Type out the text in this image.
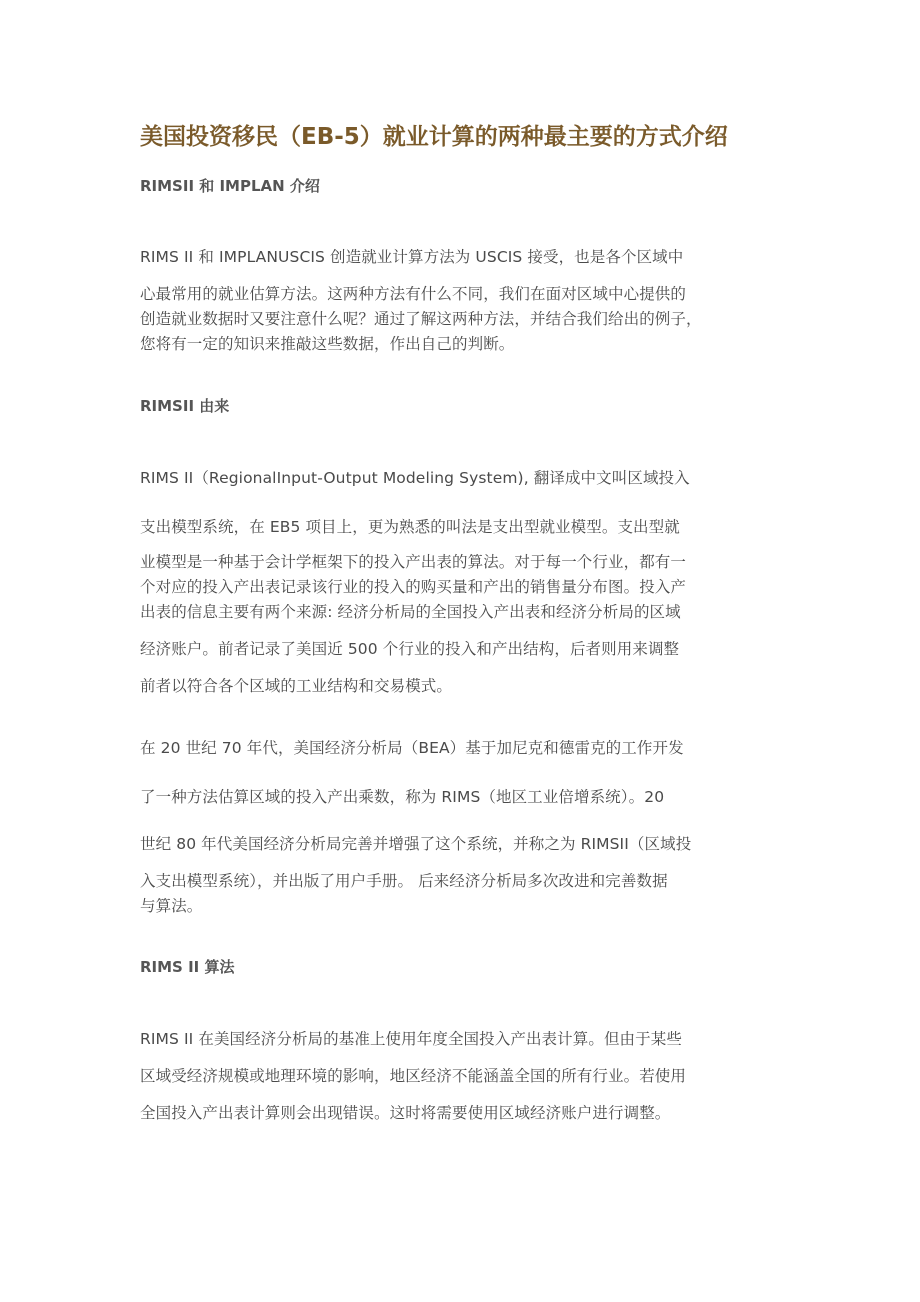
美国投资移民（EB-5）就业计算的两种最主要的方式介绍
RIMSII 和 IMPLAN 介绍
RIMS II 和 IMPLANUSCIS 创造就业计算方法为 USCIS 接受，也是各个区域中
心最常用的就业估算方法。这两种方法有什么不同，我们在面对区域中心提供的
创造就业数据时又要注意什么呢？通过了解这两种方法，并结合我们给出的例子，
您将有一定的知识来推敲这些数据，作出自己的判断。
RIMSII 由来
RIMS II（RegionalInput-Output Modeling System), 翻译成中文叫区域投入
支出模型系统，在 EB5 项目上，更为熟悉的叫法是支出型就业模型。支出型就
业模型是一种基于会计学框架下的投入产出表的算法。对于每一个行业，都有一
个对应的投入产出表记录该行业的投入的购买量和产出的销售量分布图。投入产
出表的信息主要有两个来源: 经济分析局的全国投入产出表和经济分析局的区域
经济账户。前者记录了美国近 500 个行业的投入和产出结构，后者则用来调整
前者以符合各个区域的工业结构和交易模式。
在 20 世纪 70 年代，美国经济分析局（BEA）基于加尼克和德雷克的工作开发
了一种方法估算区域的投入产出乘数，称为 RIMS（地区工业倍增系统）。20
世纪 80 年代美国经济分析局完善并增强了这个系统，并称之为 RIMSII（区域投
入支出模型系统），并出版了用户手册。 后来经济分析局多次改进和完善数据
与算法。
RIMS II 算法
RIMS II 在美国经济分析局的基准上使用年度全国投入产出表计算。但由于某些
区域受经济规模或地理环境的影响，地区经济不能涵盖全国的所有行业。若使用
全国投入产出表计算则会出现错误。这时将需要使用区域经济账户进行调整。
